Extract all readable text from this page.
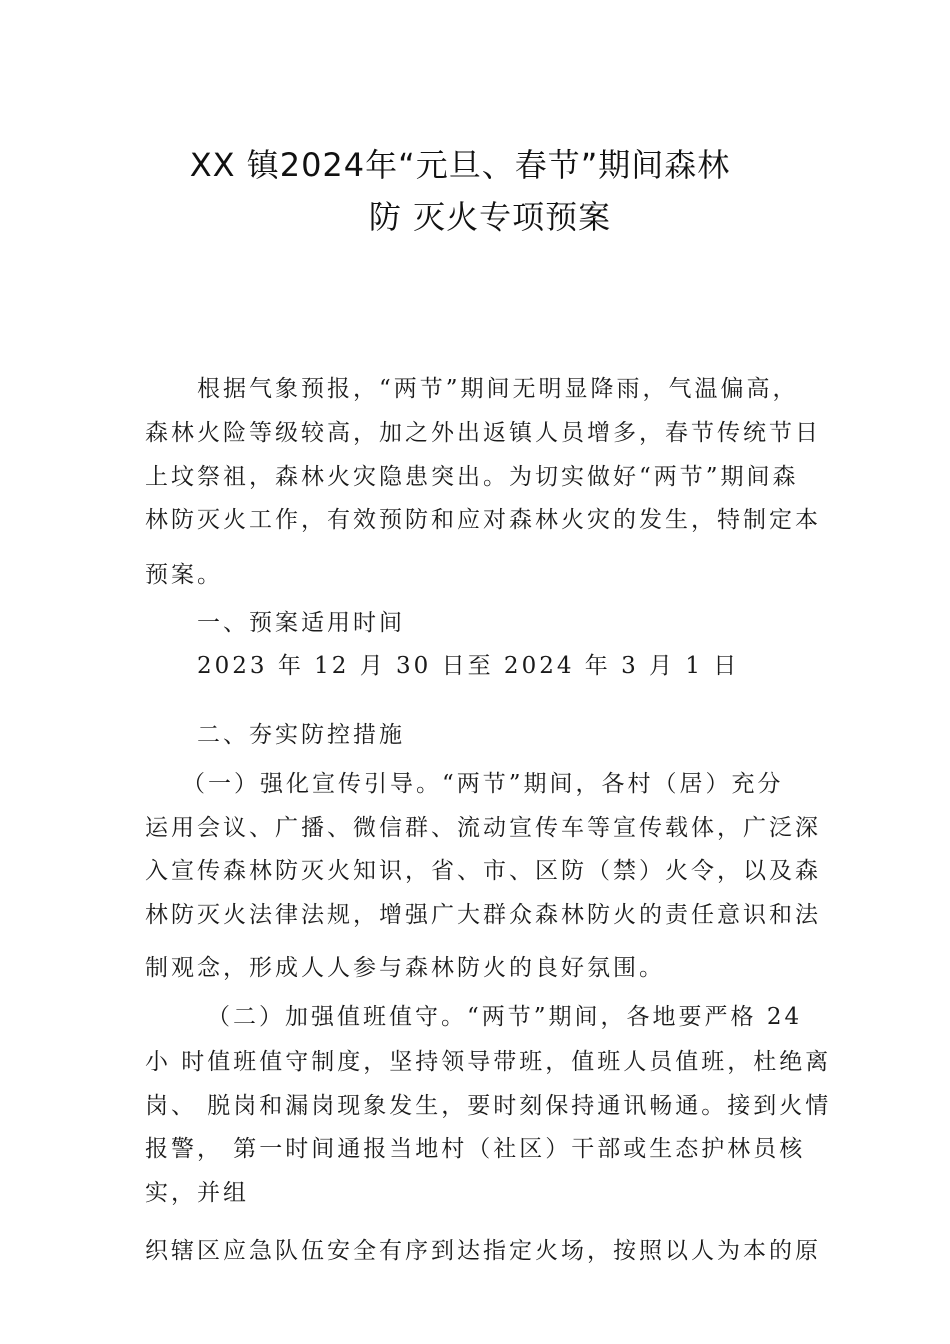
XX 镇2024年“元旦、春节”期间森林
防 灭火专项预案
根据气象预报，“两节”期间无明显降雨，气温偏高，
森林火险等级较高，加之外出返镇人员增多，春节传统节日
上坟祭祖，森林火灾隐患突出。为切实做好“两节”期间森
林防灭火工作，有效预防和应对森林火灾的发生，特制定本
预案。
一、预案适用时间
2023 年 12 月 30 日至 2024 年 3 月 1 日
二、夯实防控措施
（一）强化宣传引导。“两节”期间，各村（居）充分
运用会议、广播、微信群、流动宣传车等宣传载体，广泛深
入宣传森林防灭火知识，省、市、区防（禁）火令，以及森
林防灭火法律法规，增强广大群众森林防火的责任意识和法
制观念，形成人人参与森林防火的良好氛围。
（二）加强值班值守。“两节”期间，各地要严格 24
小 时值班值守制度，坚持领导带班，值班人员值班，杜绝离
岗、 脱岗和漏岗现象发生，要时刻保持通讯畅通。接到火情
报警， 第一时间通报当地村（社区）干部或生态护林员核
实，并组
织辖区应急队伍安全有序到达指定火场，按照以人为本的原
